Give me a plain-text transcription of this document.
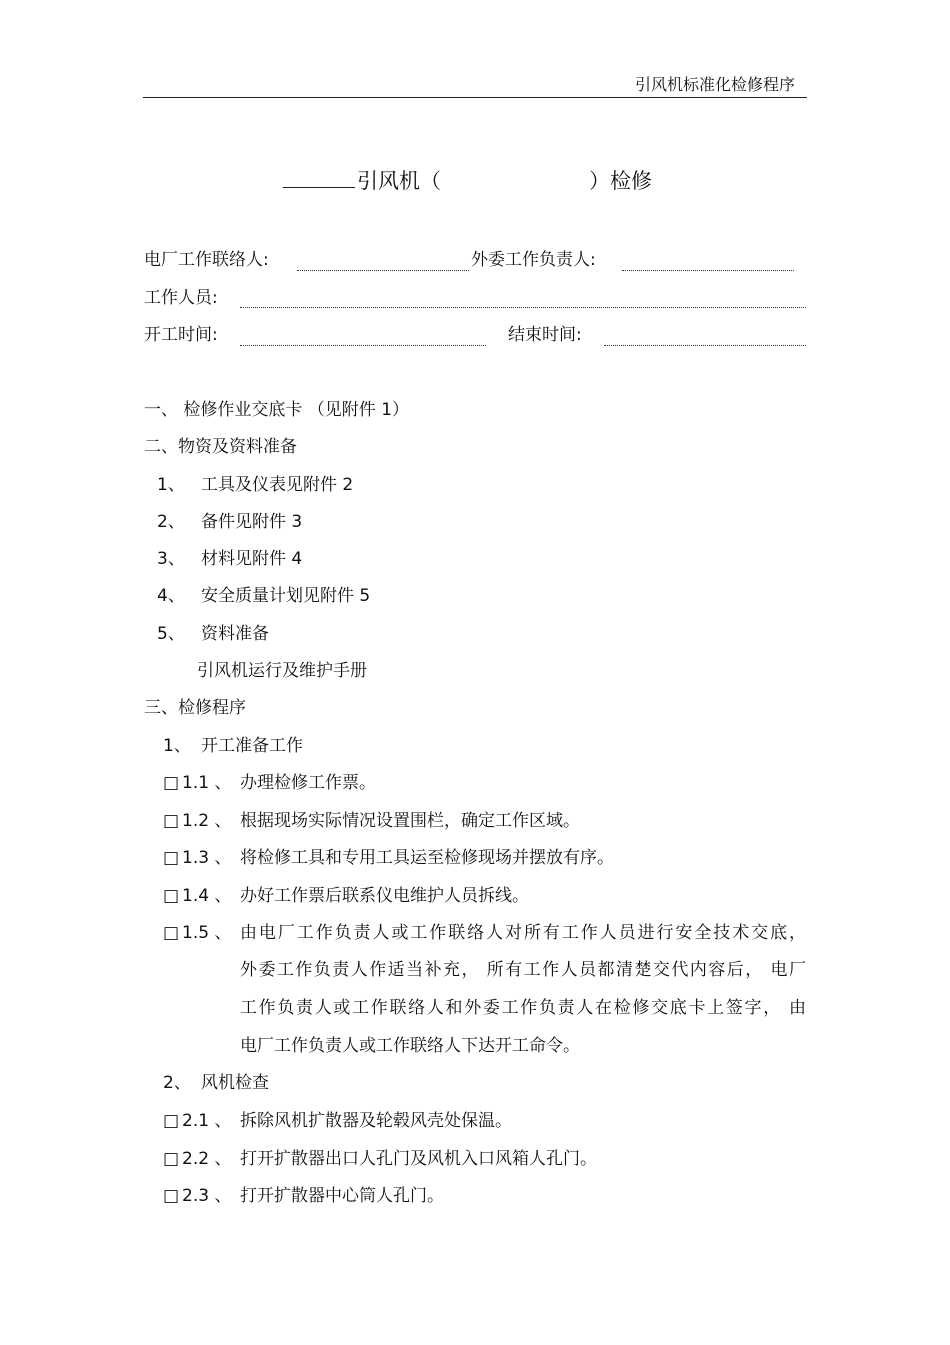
引风机标准化检修程序
引风机（	）检修
电厂工作联络人:	外委工作负责人:
工作人员:
开工时间:	结束时间:
一、 检修作业交底卡 （见附件 1）
二、物资及资料准备
1、 工具及仪表见附件 2
2、 备件见附件 3
3、 材料见附件 4
4、 安全质量计划见附件 5
5、 资料准备
引风机运行及维护手册
三、检修程序
1、 开工准备工作
□ 1.1 、 办理检修工作票。
□ 1.2 、 根据现场实际情况设置围栏，确定工作区域。
□ 1.3 、 将检修工具和专用工具运至检修现场并摆放有序。
□ 1.4 、 办好工作票后联系仪电维护人员拆线。
□ 1.5 、 由电厂工作负责人或工作联络人对所有工作人员进行安全技术交底，
外委工作负责人作适当补充， 所有工作人员都清楚交代内容后， 电厂
工作负责人或工作联络人和外委工作负责人在检修交底卡上签字， 由
电厂工作负责人或工作联络人下达开工命令。
2、 风机检查
□ 2.1 、 拆除风机扩散器及轮毂风壳处保温。
□ 2.2 、 打开扩散器出口人孔门及风机入口风箱人孔门。
□ 2.3 、 打开扩散器中心筒人孔门。
